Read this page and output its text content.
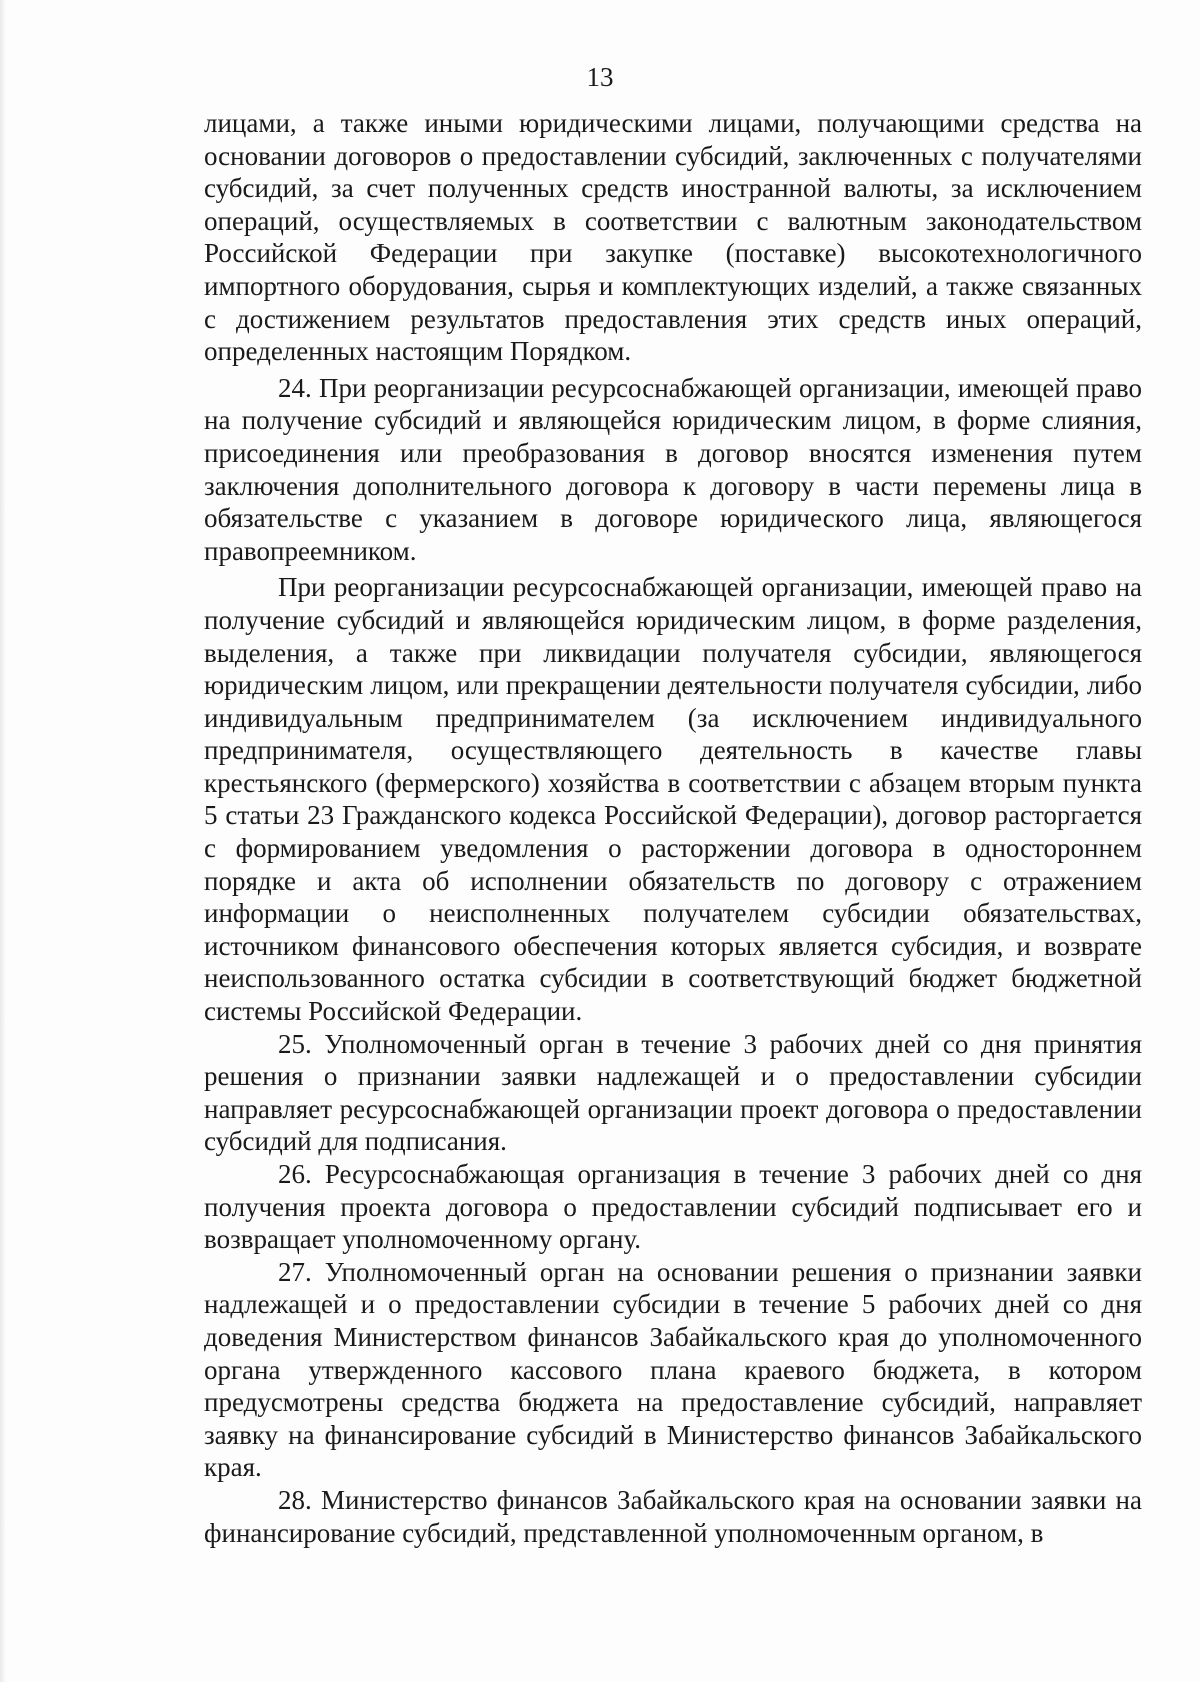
13

лицами, а также иными юридическими лицами, получающими средства на основании договоров о предоставлении субсидий, заключенных с получателями субсидий, за счет полученных средств иностранной валюты, за исключением операций, осуществляемых в соответствии с валютным законодательством Российской Федерации при закупке (поставке) высокотехнологичного импортного оборудования, сырья и комплектующих изделий, а также связанных с достижением результатов предоставления этих средств иных операций, определенных настоящим Порядком.

24. При реорганизации ресурсоснабжающей организации, имеющей право на получение субсидий и являющейся юридическим лицом, в форме слияния, присоединения или преобразования в договор вносятся изменения путем заключения дополнительного договора к договору в части перемены лица в обязательстве с указанием в договоре юридического лица, являющегося правопреемником.

При реорганизации ресурсоснабжающей организации, имеющей право на получение субсидий и являющейся юридическим лицом, в форме разделения, выделения, а также при ликвидации получателя субсидии, являющегося юридическим лицом, или прекращении деятельности получателя субсидии, либо индивидуальным предпринимателем (за исключением индивидуального предпринимателя, осуществляющего деятельность в качестве главы крестьянского (фермерского) хозяйства в соответствии с абзацем вторым пункта 5 статьи 23 Гражданского кодекса Российской Федерации), договор расторгается с формированием уведомления о расторжении договора в одностороннем порядке и акта об исполнении обязательств по договору с отражением информации о неисполненных получателем субсидии обязательствах, источником финансового обеспечения которых является субсидия, и возврате неиспользованного остатка субсидии в соответствующий бюджет бюджетной системы Российской Федерации.

25. Уполномоченный орган в течение 3 рабочих дней со дня принятия решения о признании заявки надлежащей и о предоставлении субсидии направляет ресурсоснабжающей организации проект договора о предоставлении субсидий для подписания.

26. Ресурсоснабжающая организация в течение 3 рабочих дней со дня получения проекта договора о предоставлении субсидий подписывает его и возвращает уполномоченному органу.

27. Уполномоченный орган на основании решения о признании заявки надлежащей и о предоставлении субсидии в течение 5 рабочих дней со дня доведения Министерством финансов Забайкальского края до уполномоченного органа утвержденного кассового плана краевого бюджета, в котором предусмотрены средства бюджета на предоставление субсидий, направляет заявку на финансирование субсидий в Министерство финансов Забайкальского края.

28. Министерство финансов Забайкальского края на основании заявки на финансирование субсидий, представленной уполномоченным органом, в
